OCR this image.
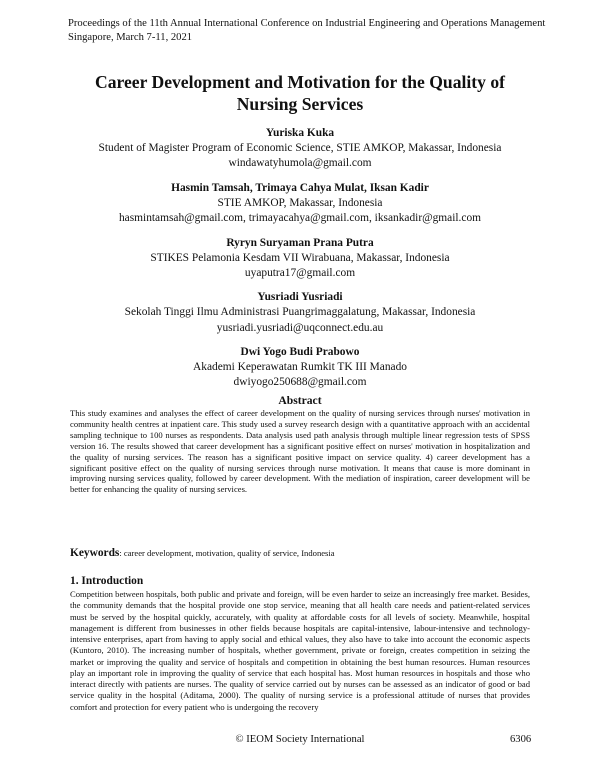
Proceedings of the 11th Annual International Conference on Industrial Engineering and Operations Management
Singapore, March 7-11, 2021
Career Development and Motivation for the Quality of
Nursing Services
Yuriska Kuka
Student of Magister Program of Economic Science, STIE AMKOP, Makassar, Indonesia
windawatyhumola@gmail.com
Hasmin Tamsah, Trimaya Cahya Mulat, Iksan Kadir
STIE AMKOP, Makassar, Indonesia
hasmintamsah@gmail.com, trimayacahya@gmail.com, iksankadir@gmail.com
Ryryn Suryaman Prana Putra
STIKES Pelamonia Kesdam VII Wirabuana, Makassar, Indonesia
uyaputra17@gmail.com
Yusriadi Yusriadi
Sekolah Tinggi Ilmu Administrasi Puangrimaggalatung, Makassar, Indonesia
yusriadi.yusriadi@uqconnect.edu.au
Dwi Yogo Budi Prabowo
Akademi Keperawatan Rumkit TK III Manado
dwiyogo250688@gmail.com
Abstract
This study examines and analyses the effect of career development on the quality of nursing services through nurses' motivation in community health centres at inpatient care. This study used a survey research design with a quantitative approach with an accidental sampling technique to 100 nurses as respondents. Data analysis used path analysis through multiple linear regression tests of SPSS version 16. The results showed that career development has a significant positive effect on nurses' motivation in hospitalization and the quality of nursing services. The reason has a significant positive impact on service quality. 4) career development has a significant positive effect on the quality of nursing services through nurse motivation. It means that cause is more dominant in improving nursing services quality, followed by career development. With the mediation of inspiration, career development will be better for enhancing the quality of nursing services.
Keywords: career development, motivation, quality of service, Indonesia
1. Introduction
Competition between hospitals, both public and private and foreign, will be even harder to seize an increasingly free market. Besides, the community demands that the hospital provide one stop service, meaning that all health care needs and patient-related services must be served by the hospital quickly, accurately, with quality at affordable costs for all levels of society. Meanwhile, hospital management is different from businesses in other fields because hospitals are capital-intensive, labour-intensive and technology-intensive enterprises, apart from having to apply social and ethical values, they also have to take into account the economic aspects (Kuntoro, 2010). The increasing number of hospitals, whether government, private or foreign, creates competition in seizing the market or improving the quality and service of hospitals and competition in obtaining the best human resources. Human resources play an important role in improving the quality of service that each hospital has. Most human resources in hospitals and those who interact directly with patients are nurses. The quality of service carried out by nurses can be assessed as an indicator of good or bad service quality in the hospital (Aditama, 2000). The quality of nursing service is a professional attitude of nurses that provides comfort and protection for every patient who is undergoing the recovery
© IEOM Society International	6306
